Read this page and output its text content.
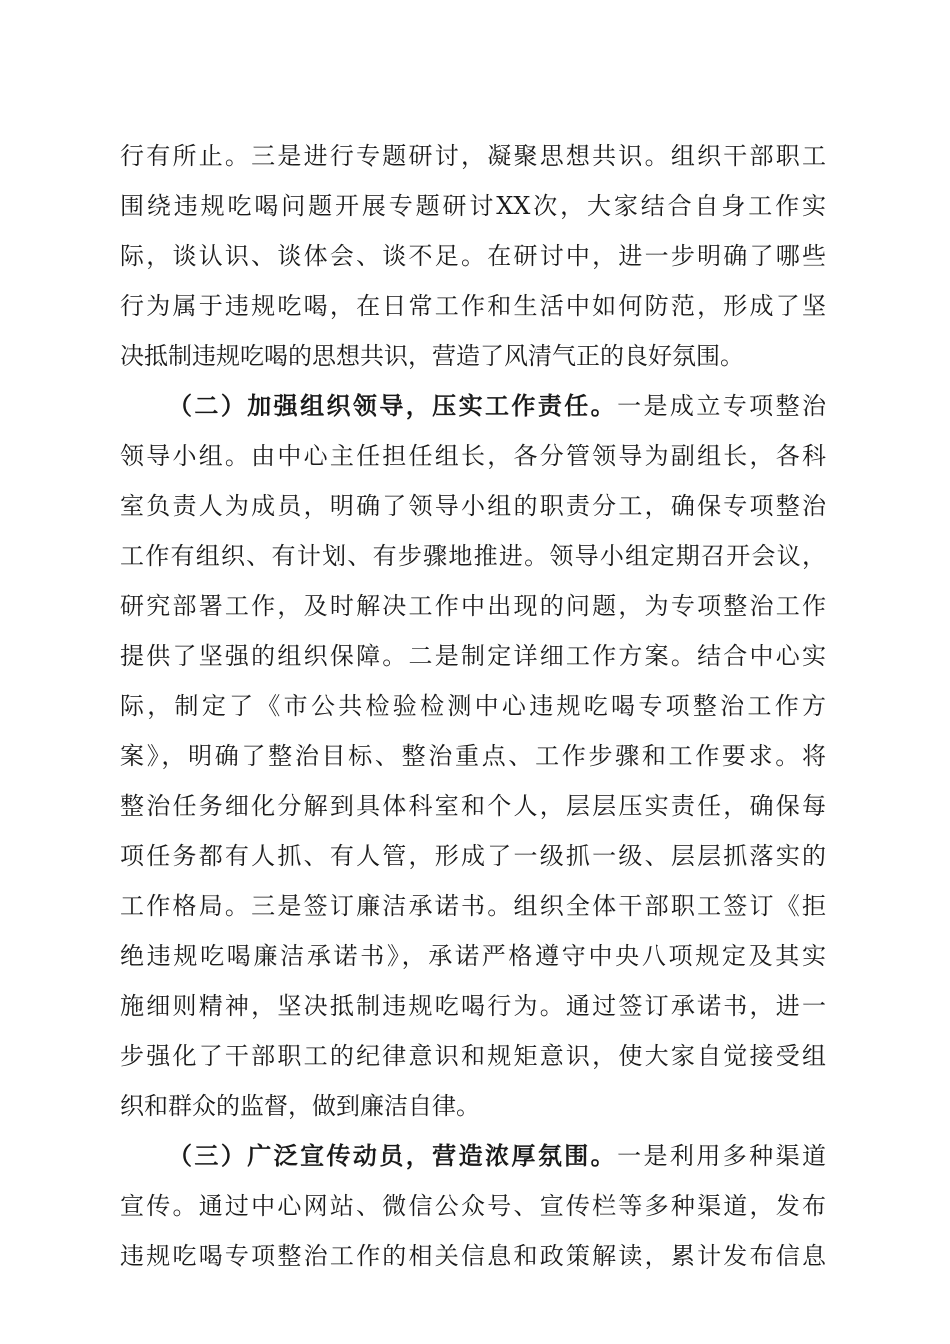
行有所止。三是进行专题研讨，凝聚思想共识。组织干部职工
围绕违规吃喝问题开展专题研讨XX次，大家结合自身工作实
际，谈认识、谈体会、谈不足。在研讨中，进一步明确了哪些
行为属于违规吃喝，在日常工作和生活中如何防范，形成了坚
决抵制违规吃喝的思想共识，营造了风清气正的良好氛围。
（二）加强组织领导，压实工作责任。一是成立专项整治
领导小组。由中心主任担任组长，各分管领导为副组长，各科
室负责人为成员，明确了领导小组的职责分工，确保专项整治
工作有组织、有计划、有步骤地推进。领导小组定期召开会议，
研究部署工作，及时解决工作中出现的问题，为专项整治工作
提供了坚强的组织保障。二是制定详细工作方案。结合中心实
际，制定了《市公共检验检测中心违规吃喝专项整治工作方
案》，明确了整治目标、整治重点、工作步骤和工作要求。将
整治任务细化分解到具体科室和个人，层层压实责任，确保每
项任务都有人抓、有人管，形成了一级抓一级、层层抓落实的
工作格局。三是签订廉洁承诺书。组织全体干部职工签订《拒
绝违规吃喝廉洁承诺书》，承诺严格遵守中央八项规定及其实
施细则精神，坚决抵制违规吃喝行为。通过签订承诺书，进一
步强化了干部职工的纪律意识和规矩意识，使大家自觉接受组
织和群众的监督，做到廉洁自律。
（三）广泛宣传动员，营造浓厚氛围。一是利用多种渠道
宣传。通过中心网站、微信公众号、宣传栏等多种渠道，发布
违规吃喝专项整治工作的相关信息和政策解读，累计发布信息
